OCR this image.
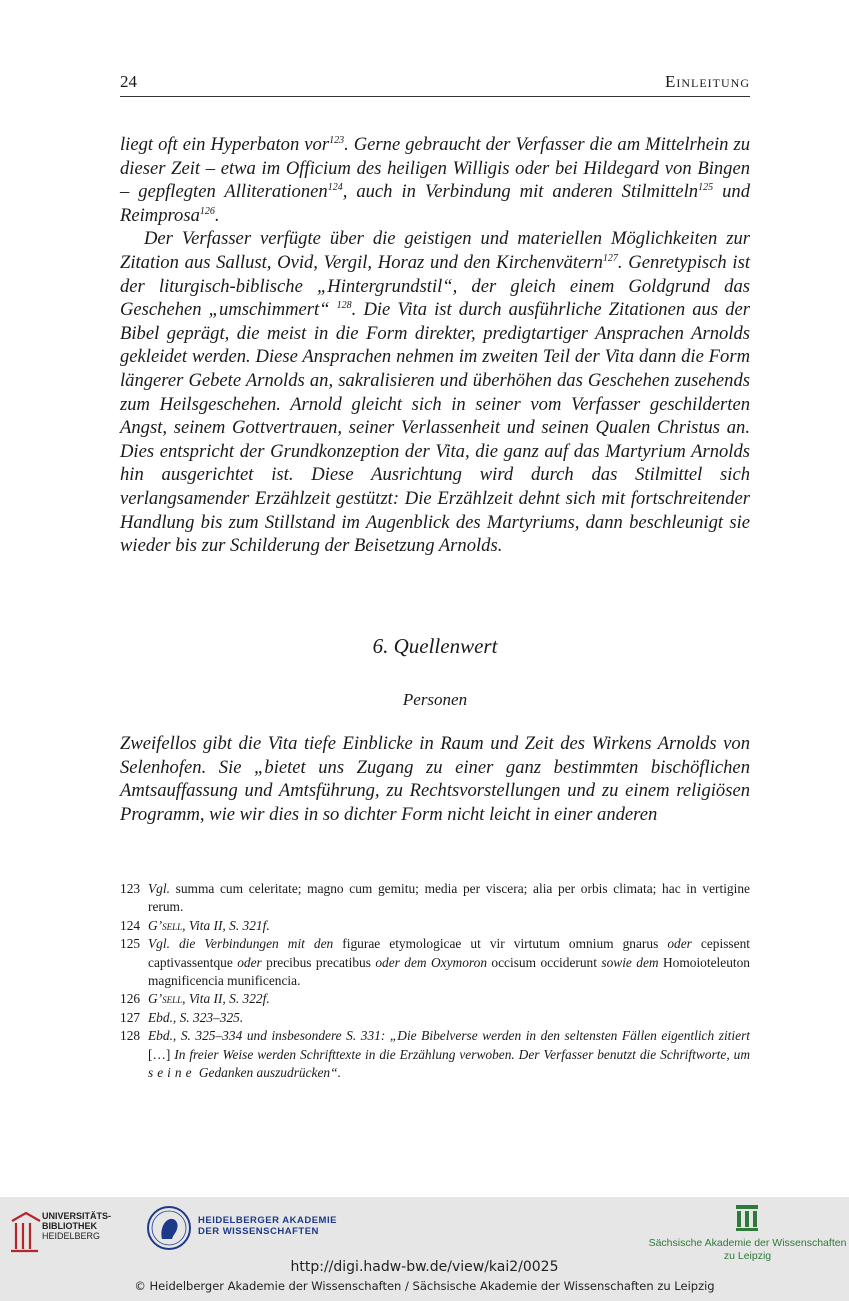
24	Einleitung

liegt oft ein Hyperbaton vor$^{123}$. Gerne gebraucht der Verfasser die am Mittelrhein zu dieser Zeit – etwa im Officium des heiligen Willigis oder bei Hildegard von Bingen – gepflegten Alliterationen$^{124}$, auch in Verbindung mit anderen Stilmitteln$^{125}$ und Reimprosa$^{126}$.

Der Verfasser verfügte über die geistigen und materiellen Möglichkeiten zur Zitation aus Sallust, Ovid, Vergil, Horaz und den Kirchenvätern$^{127}$. Genretypisch ist der liturgisch-biblische „Hintergrundstil“, der gleich einem Goldgrund das Geschehen „umschimmert“ $^{128}$. Die Vita ist durch ausführliche Zitationen aus der Bibel geprägt, die meist in die Form direkter, predigtartiger Ansprachen Arnolds gekleidet werden. Diese Ansprachen nehmen im zweiten Teil der Vita dann die Form längerer Gebete Arnolds an, sakralisieren und überhöhen das Geschehen zusehends zum Heilsgeschehen. Arnold gleicht sich in seiner vom Verfasser geschilderten Angst, seinem Gottvertrauen, seiner Verlassenheit und seinen Qualen Christus an. Dies entspricht der Grundkonzeption der Vita, die ganz auf das Martyrium Arnolds hin ausgerichtet ist. Diese Ausrichtung wird durch das Stilmittel sich verlangsamender Erzählzeit gestützt: Die Erzählzeit dehnt sich mit fortschreitender Handlung bis zum Stillstand im Augenblick des Martyriums, dann beschleunigt sie wieder bis zur Schilderung der Beisetzung Arnolds.

6. Quellenwert
Personen
Zweifellos gibt die Vita tiefe Einblicke in Raum und Zeit des Wirkens Arnolds von Selenhofen. Sie „bietet uns Zugang zu einer ganz bestimmten bischöflichen Amtsauffassung und Amtsführung, zu Rechtsvorstellungen und zu einem religiösen Programm, wie wir dies in so dichter Form nicht leicht in einer anderen
123 Vgl. summa cum celeritate; magno cum gemitu; media per viscera; alia per orbis climata; hac in vertigine rerum.
124 G’sell, Vita II, S. 321f.
125 Vgl. die Verbindungen mit den figurae etymologicae ut vir virtutum omnium gnarus oder cepissent captivassentque oder precibus precatibus oder dem Oxymoron occisum occiderunt sowie dem Homoioteleuton magnificencia munificencia.
126 G’sell, Vita II, S. 322f.
127 Ebd., S. 323–325.
128 Ebd., S. 325–334 und insbesondere S. 331: „Die Bibelverse werden in den seltensten Fällen eigentlich zitiert […] In freier Weise werden Schrifttexte in die Erzählung verwoben. Der Verfasser benutzt die Schriftworte, um seine Gedanken auszudrücken“.
UNIVERSITÄTS-
BIBLIOTHEK
HEIDELBERG
HEIDELBERGER AKADEMIE
DER WISSENSCHAFTEN
Sächsische Akademie der Wissenschaften
zu Leipzig
http://digi.hadw-bw.de/view/kai2/0025
© Heidelberger Akademie der Wissenschaften / Sächsische Akademie der Wissenschaften zu Leipzig
